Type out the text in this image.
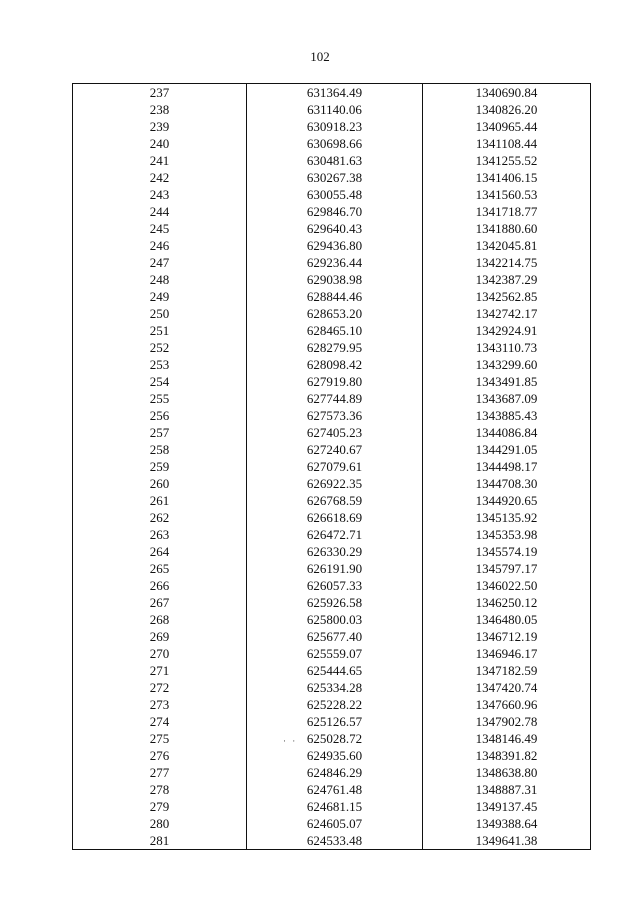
102
237	631364.49	1340690.84
238	631140.06	1340826.20
239	630918.23	1340965.44
240	630698.66	1341108.44
241	630481.63	1341255.52
242	630267.38	1341406.15
243	630055.48	1341560.53
244	629846.70	1341718.77
245	629640.43	1341880.60
246	629436.80	1342045.81
247	629236.44	1342214.75
248	629038.98	1342387.29
249	628844.46	1342562.85
250	628653.20	1342742.17
251	628465.10	1342924.91
252	628279.95	1343110.73
253	628098.42	1343299.60
254	627919.80	1343491.85
255	627744.89	1343687.09
256	627573.36	1343885.43
257	627405.23	1344086.84
258	627240.67	1344291.05
259	627079.61	1344498.17
260	626922.35	1344708.30
261	626768.59	1344920.65
262	626618.69	1345135.92
263	626472.71	1345353.98
264	626330.29	1345574.19
265	626191.90	1345797.17
266	626057.33	1346022.50
267	625926.58	1346250.12
268	625800.03	1346480.05
269	625677.40	1346712.19
270	625559.07	1346946.17
271	625444.65	1347182.59
272	625334.28	1347420.74
273	625228.22	1347660.96
274	625126.57	1347902.78
275	625028.72	1348146.49
276	624935.60	1348391.82
277	624846.29	1348638.80
278	624761.48	1348887.31
279	624681.15	1349137.45
280	624605.07	1349388.64
281	624533.48	1349641.38
· ·
